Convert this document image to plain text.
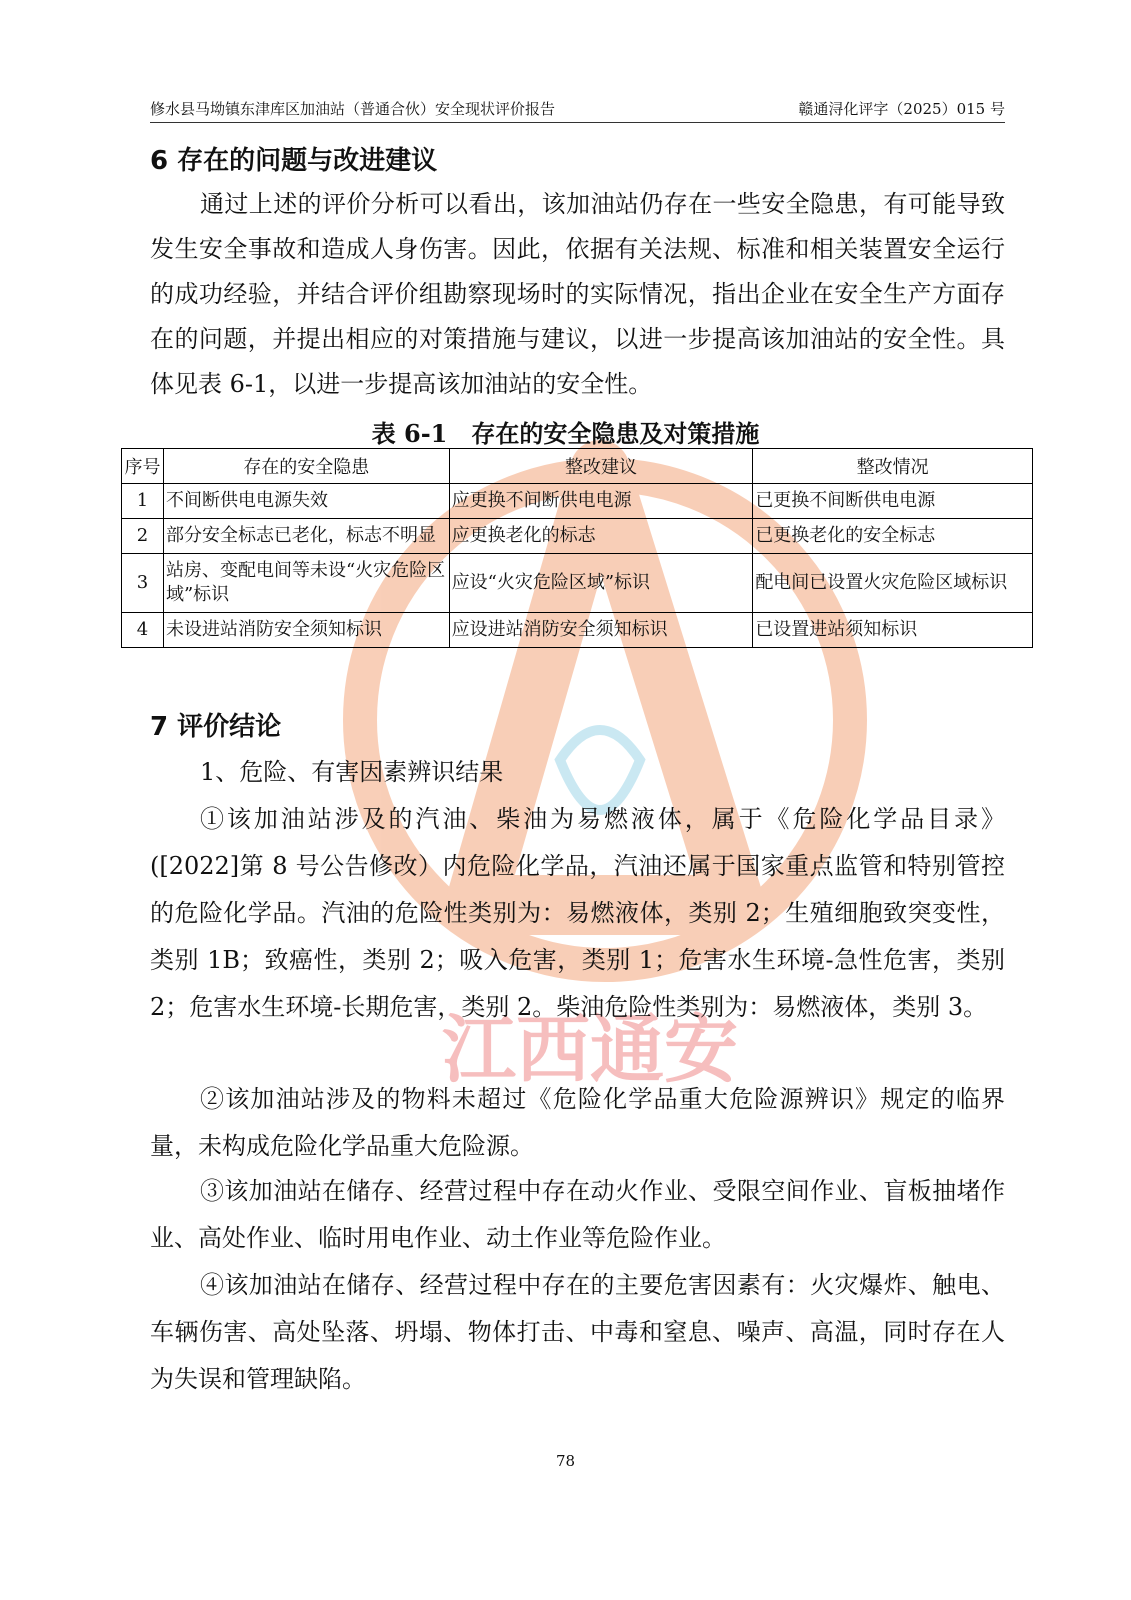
江西通安
修水县马坳镇东津库区加油站（普通合伙）安全现状评价报告	赣通浔化评字（2025）015 号
6 存在的问题与改进建议

通过上述的评价分析可以看出，该加油站仍存在一些安全隐患，有可能导致发生安全事故和造成人身伤害。因此，依据有关法规、标准和相关装置安全运行的成功经验，并结合评价组勘察现场时的实际情况，指出企业在安全生产方面存在的问题，并提出相应的对策措施与建议，以进一步提高该加油站的安全性。具体见表 6-1，以进一步提高该加油站的安全性。

表 6-1　存在的安全隐患及对策措施
序号	存在的安全隐患	整改建议	整改情况
1	不间断供电电源失效	应更换不间断供电电源	已更换不间断供电电源
2	部分安全标志已老化，标志不明显	应更换老化的标志	已更换老化的安全标志
3	站房、变配电间等未设“火灾危险区域”标识	应设“火灾危险区域”标识	配电间已设置火灾危险区域标识
4	未设进站消防安全须知标识	应设进站消防安全须知标识	已设置进站须知标识
7 评价结论

1、危险、有害因素辨识结果

①该加油站涉及的汽油、柴油为易燃液体，属于《危险化学品目录》([2022]第 8 号公告修改）内危险化学品，汽油还属于国家重点监管和特别管控的危险化学品。汽油的危险性类别为：易燃液体，类别 2；生殖细胞致突变性，类别 1B；致癌性，类别 2；吸入危害，类别 1；危害水生环境-急性危害，类别 2；危害水生环境-长期危害，类别 2。柴油危险性类别为：易燃液体，类别 3。

②该加油站涉及的物料未超过《危险化学品重大危险源辨识》规定的临界量，未构成危险化学品重大危险源。

③该加油站在储存、经营过程中存在动火作业、受限空间作业、盲板抽堵作业、高处作业、临时用电作业、动土作业等危险作业。

④该加油站在储存、经营过程中存在的主要危害因素有：火灾爆炸、触电、车辆伤害、高处坠落、坍塌、物体打击、中毒和窒息、噪声、高温，同时存在人为失误和管理缺陷。

78
